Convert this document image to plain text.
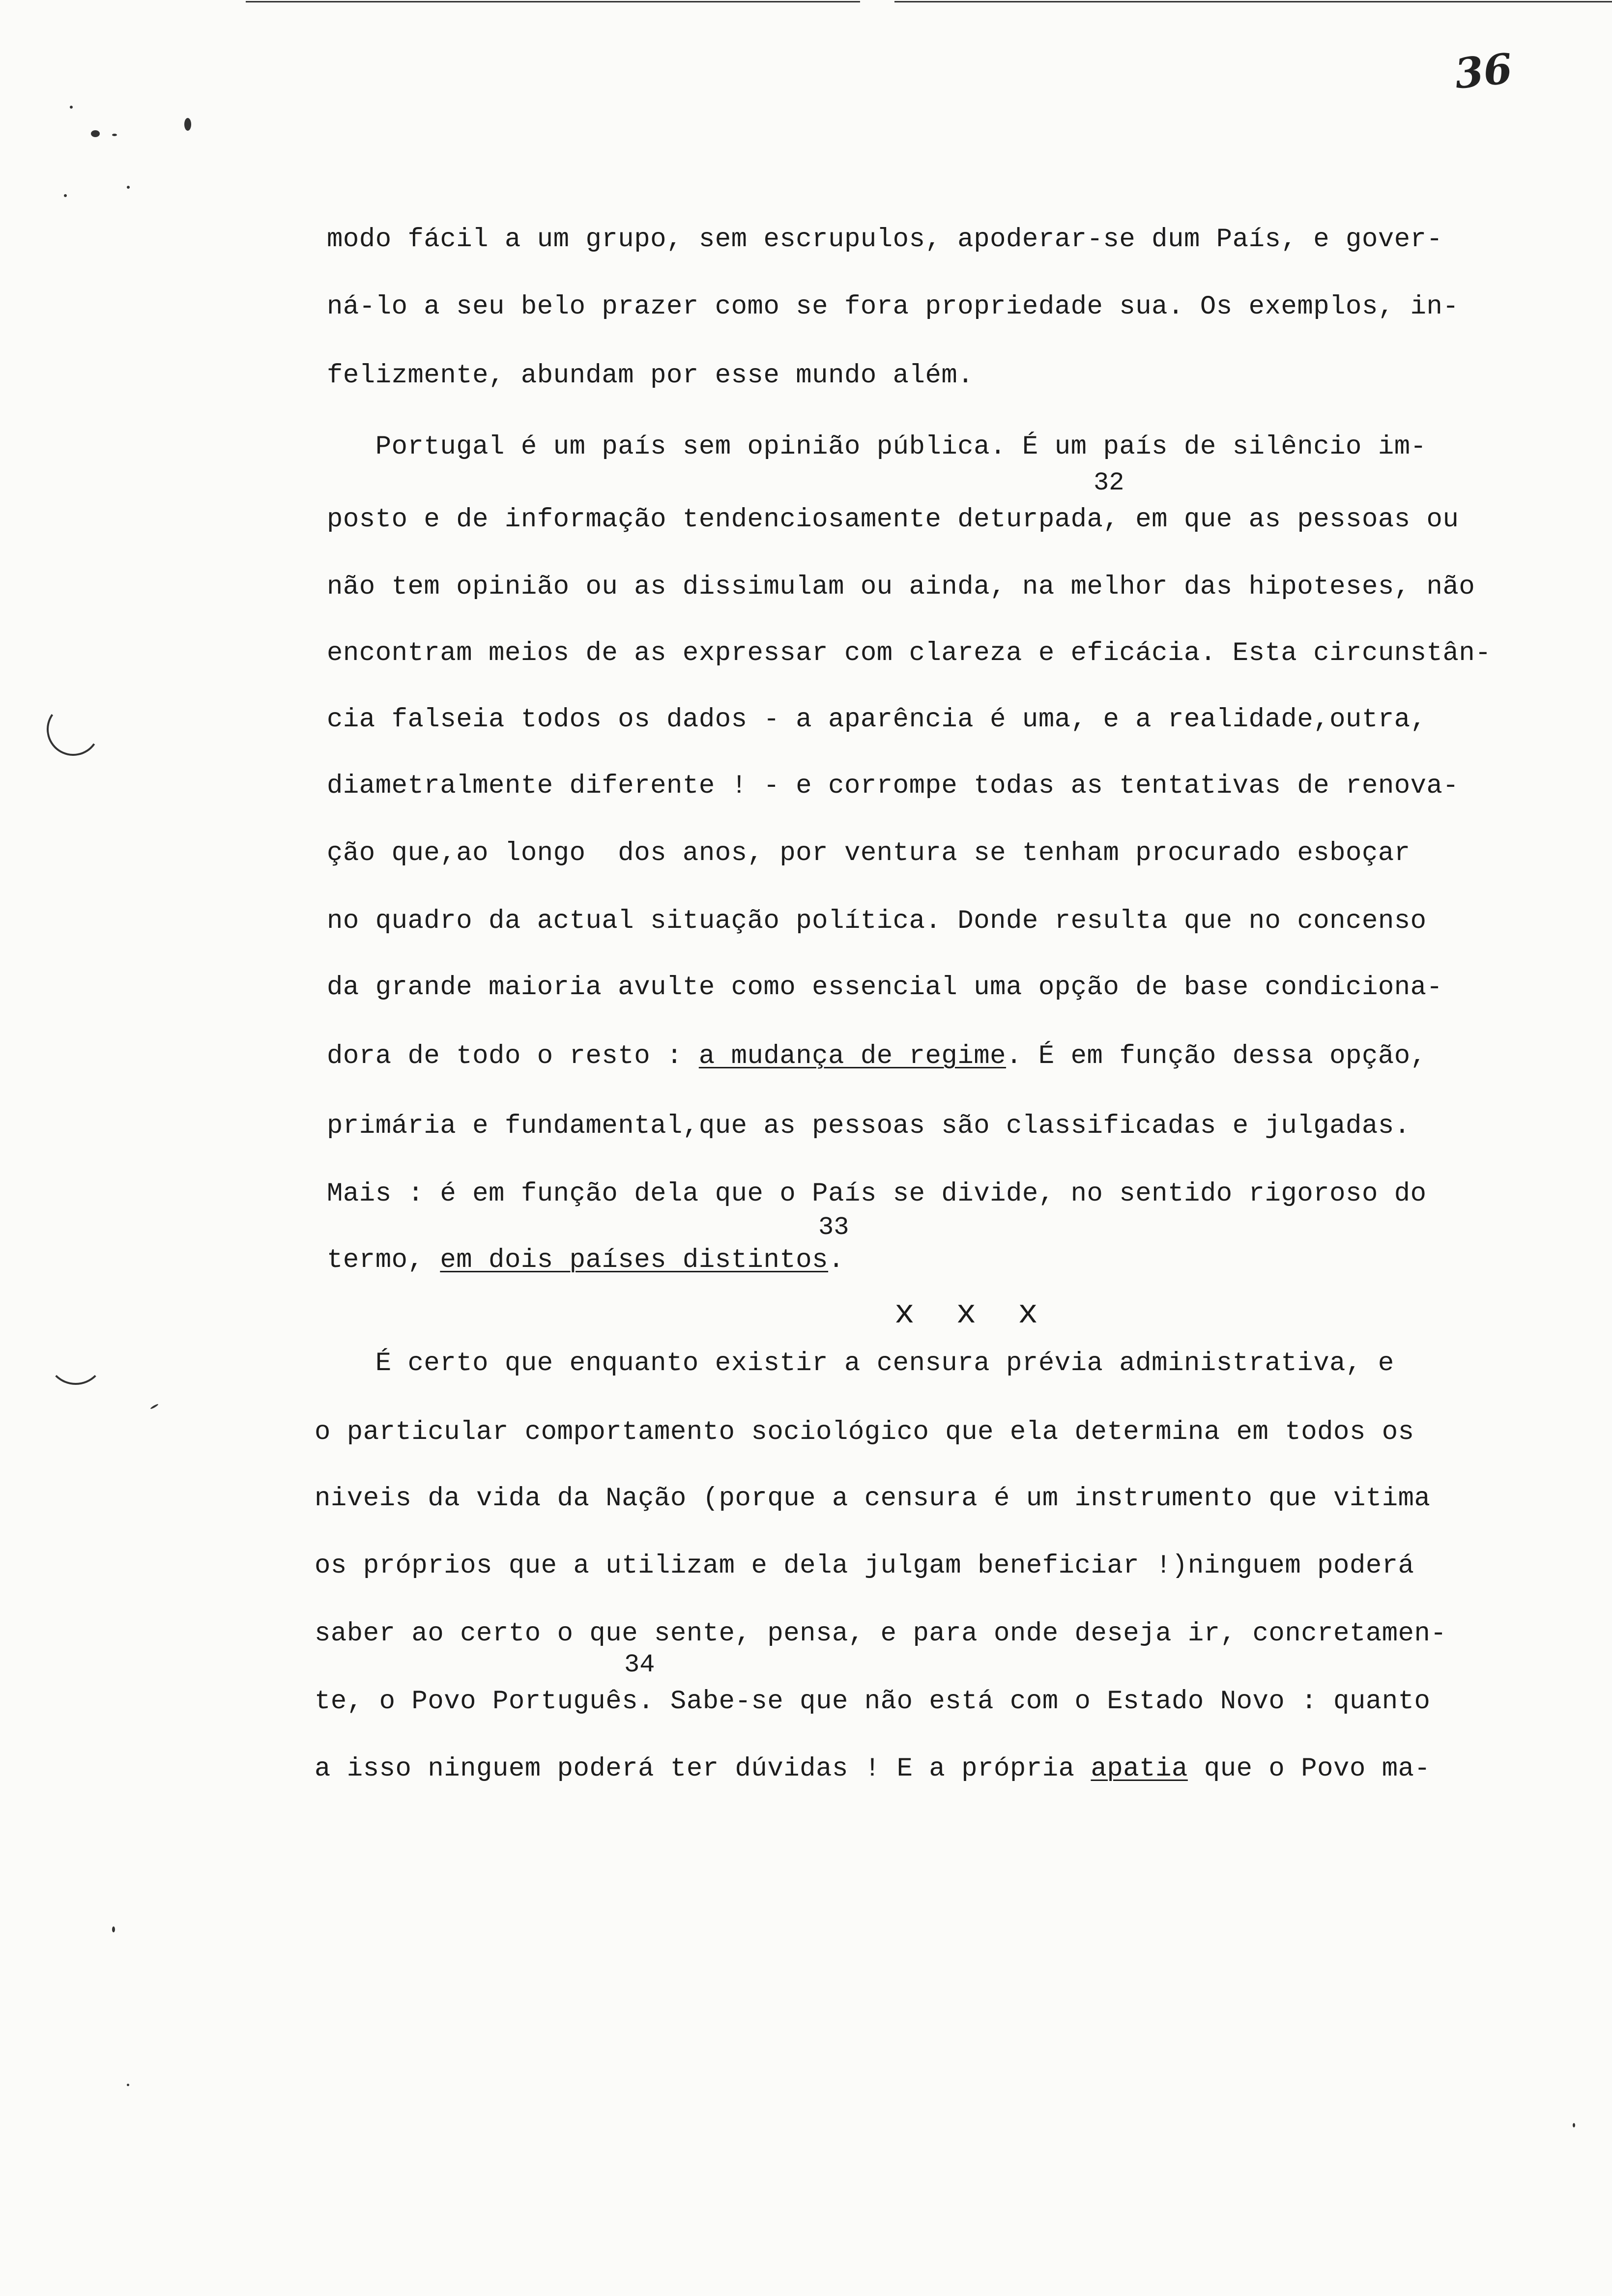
36
modo fácil a um grupo, sem escrupulos, apoderar-se dum País, e gover-
ná-lo a seu belo prazer como se fora propriedade sua. Os exemplos, in-
felizmente, abundam por esse mundo além.
Portugal é um país sem opinião pública. É um país de silêncio im-
32
posto e de informação tendenciosamente deturpada, em que as pessoas ou
não tem opinião ou as dissimulam ou ainda, na melhor das hipoteses, não
encontram meios de as expressar com clareza e eficácia. Esta circunstân-
cia falseia todos os dados - a aparência é uma, e a realidade,outra,
diametralmente diferente ! - e corrompe todas as tentativas de renova-
ção que,ao longo  dos anos, por ventura se tenham procurado esboçar
no quadro da actual situação política. Donde resulta que no concenso
da grande maioria avulte como essencial uma opção de base condiciona-
dora de todo o resto : a mudança de regime. É em função dessa opção,
primária e fundamental,que as pessoas são classificadas e julgadas.
Mais : é em função dela que o País se divide, no sentido rigoroso do
33
termo, em dois países distintos.
x x x
É certo que enquanto existir a censura prévia administrativa, e
o particular comportamento sociológico que ela determina em todos os
niveis da vida da Nação (porque a censura é um instrumento que vitima
os próprios que a utilizam e dela julgam beneficiar !)ninguem poderá
saber ao certo o que sente, pensa, e para onde deseja ir, concretamen-
34
te, o Povo Português. Sabe-se que não está com o Estado Novo : quanto
a isso ninguem poderá ter dúvidas ! E a própria apatia que o Povo ma-
